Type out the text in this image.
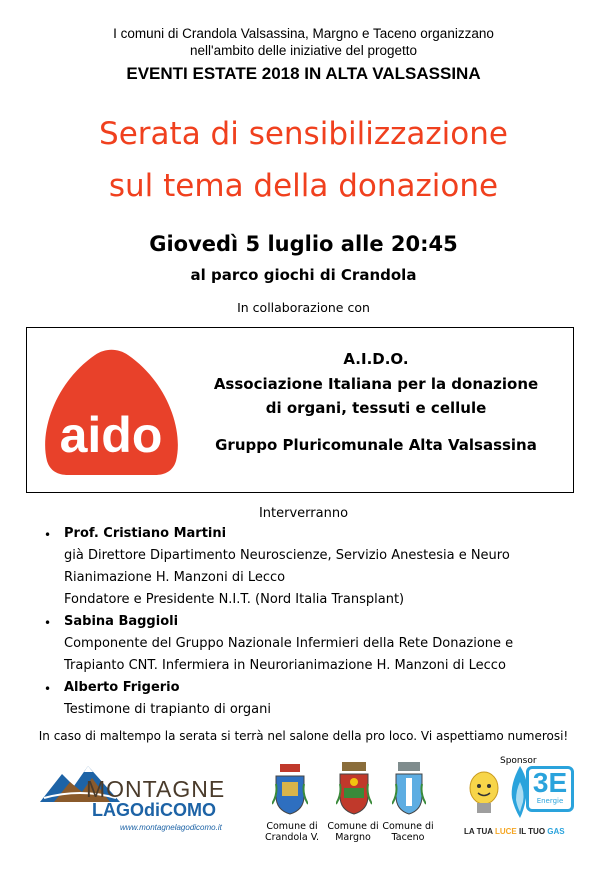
I comuni di Crandola Valsassina, Margno e Taceno organizzano
nell'ambito delle iniziative del progetto
EVENTI ESTATE 2018 IN ALTA VALSASSINA
Serata di sensibilizzazione
sul tema della donazione
Giovedì 5 luglio alle 20:45
al parco giochi di Crandola
In collaborazione con
aido
A.I.D.O.
Associazione Italiana per la donazione
di organi, tessuti e cellule
Gruppo Pluricomunale Alta Valsassina
Interverranno
• Prof. Cristiano Martini
già Direttore Dipartimento Neuroscienze, Servizio Anestesia e Neuro
Rianimazione H. Manzoni di Lecco
Fondatore e Presidente N.I.T. (Nord Italia Transplant)
• Sabina Baggioli
Componente del Gruppo Nazionale Infermieri della Rete Donazione e
Trapianto CNT. Infermiera in Neurorianimazione H. Manzoni di Lecco
• Alberto Frigerio
Testimone di trapianto di organi
In caso di maltempo la serata si terrà nel salone della pro loco. Vi aspettiamo numerosi!
MONTAGNE
LAGOdiCOMO
www.montagnelagodicomo.it	Comune di
Crandola V.
Comune di
Margno
Comune di
Taceno
Sponsor
3E
Energie
LA TUA LUCE IL TUO GAS
